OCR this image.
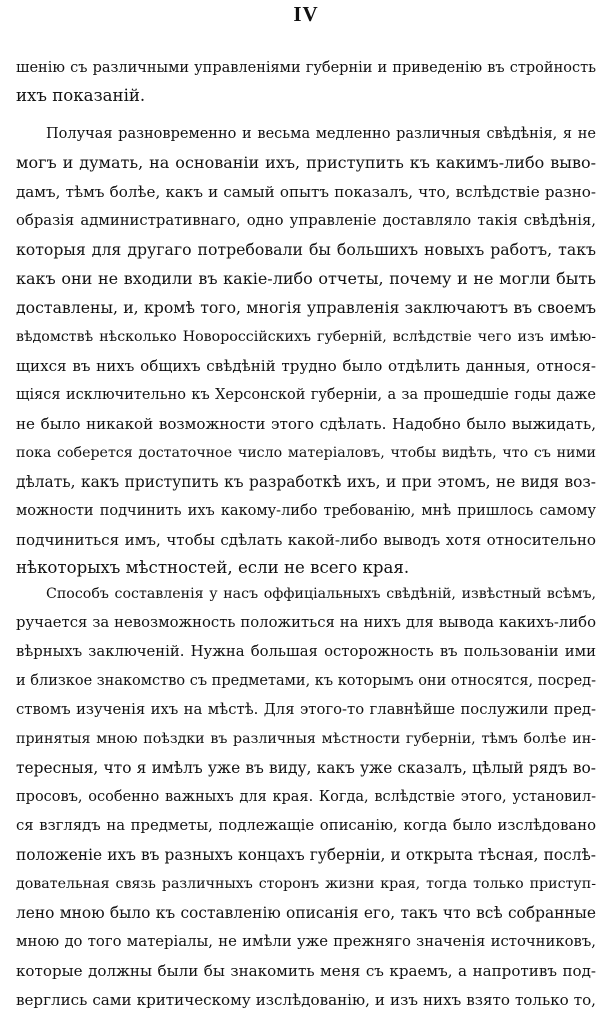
IV
шенію съ различными управленіями губерніи и приведенію въ стройность
ихъ показаній.
Получая разновременно и весьма медленно различныя свѣдѣнія, я не
могъ и думать, на основаніи ихъ, приступить къ какимъ-либо выво-
дамъ, тѣмъ болѣе, какъ и самый опытъ показалъ, что, вслѣдствіе разно-
образія административнаго, одно управленіе доставляло такія свѣдѣнія,
которыя для другаго потребовали бы большихъ новыхъ работъ, такъ
какъ они не входили въ какіе-либо отчеты, почему и не могли быть
доставлены, и, кромѣ того, многія управленія заключаютъ въ своемъ
вѣдомствѣ нѣсколько Новороссійскихъ губерній, вслѣдствіе чего изъ имѣю-
щихся въ нихъ общихъ свѣдѣній трудно было отдѣлить данныя, относя-
щіяся исключительно къ Херсонской губерніи, а за прошедшіе годы даже
не было никакой возможности этого сдѣлать. Надобно было выжидать,
пока соберется достаточное число матеріаловъ, чтобы видѣть, что съ ними
дѣлать, какъ приступить къ разработкѣ ихъ, и при этомъ, не видя воз-
можности подчинить ихъ какому-либо требованію, мнѣ пришлось самому
подчиниться имъ, чтобы сдѣлать какой-либо выводъ хотя относительно
нѣкоторыхъ мѣстностей, если не всего края.
Способъ составленія у насъ оффиціальныхъ свѣдѣній, извѣстный всѣмъ,
ручается за невозможность положиться на нихъ для вывода какихъ-либо
вѣрныхъ заключеній. Нужна большая осторожность въ пользованіи ими
и близкое знакомство съ предметами, къ которымъ они относятся, посред-
ствомъ изученія ихъ на мѣстѣ. Для этого-то главнѣйше послужили пред-
принятыя мною поѣздки въ различныя мѣстности губерніи, тѣмъ болѣе ин-
тересныя, что я имѣлъ уже въ виду, какъ уже сказалъ, цѣлый рядъ во-
просовъ, особенно важныхъ для края. Когда, вслѣдствіе этого, установил-
ся взглядъ на предметы, подлежащіе описанію, когда было изслѣдовано
положеніе ихъ въ разныхъ концахъ губерніи, и открыта тѣсная, послѣ-
довательная связь различныхъ сторонъ жизни края, тогда только приступ-
лено мною было къ составленію описанія его, такъ что всѣ собранные
мною до того матеріалы, не имѣли уже прежняго значенія источниковъ,
которые должны были бы знакомить меня съ краемъ, а напротивъ под-
верглись сами критическому изслѣдованію, и изъ нихъ взято только то,
